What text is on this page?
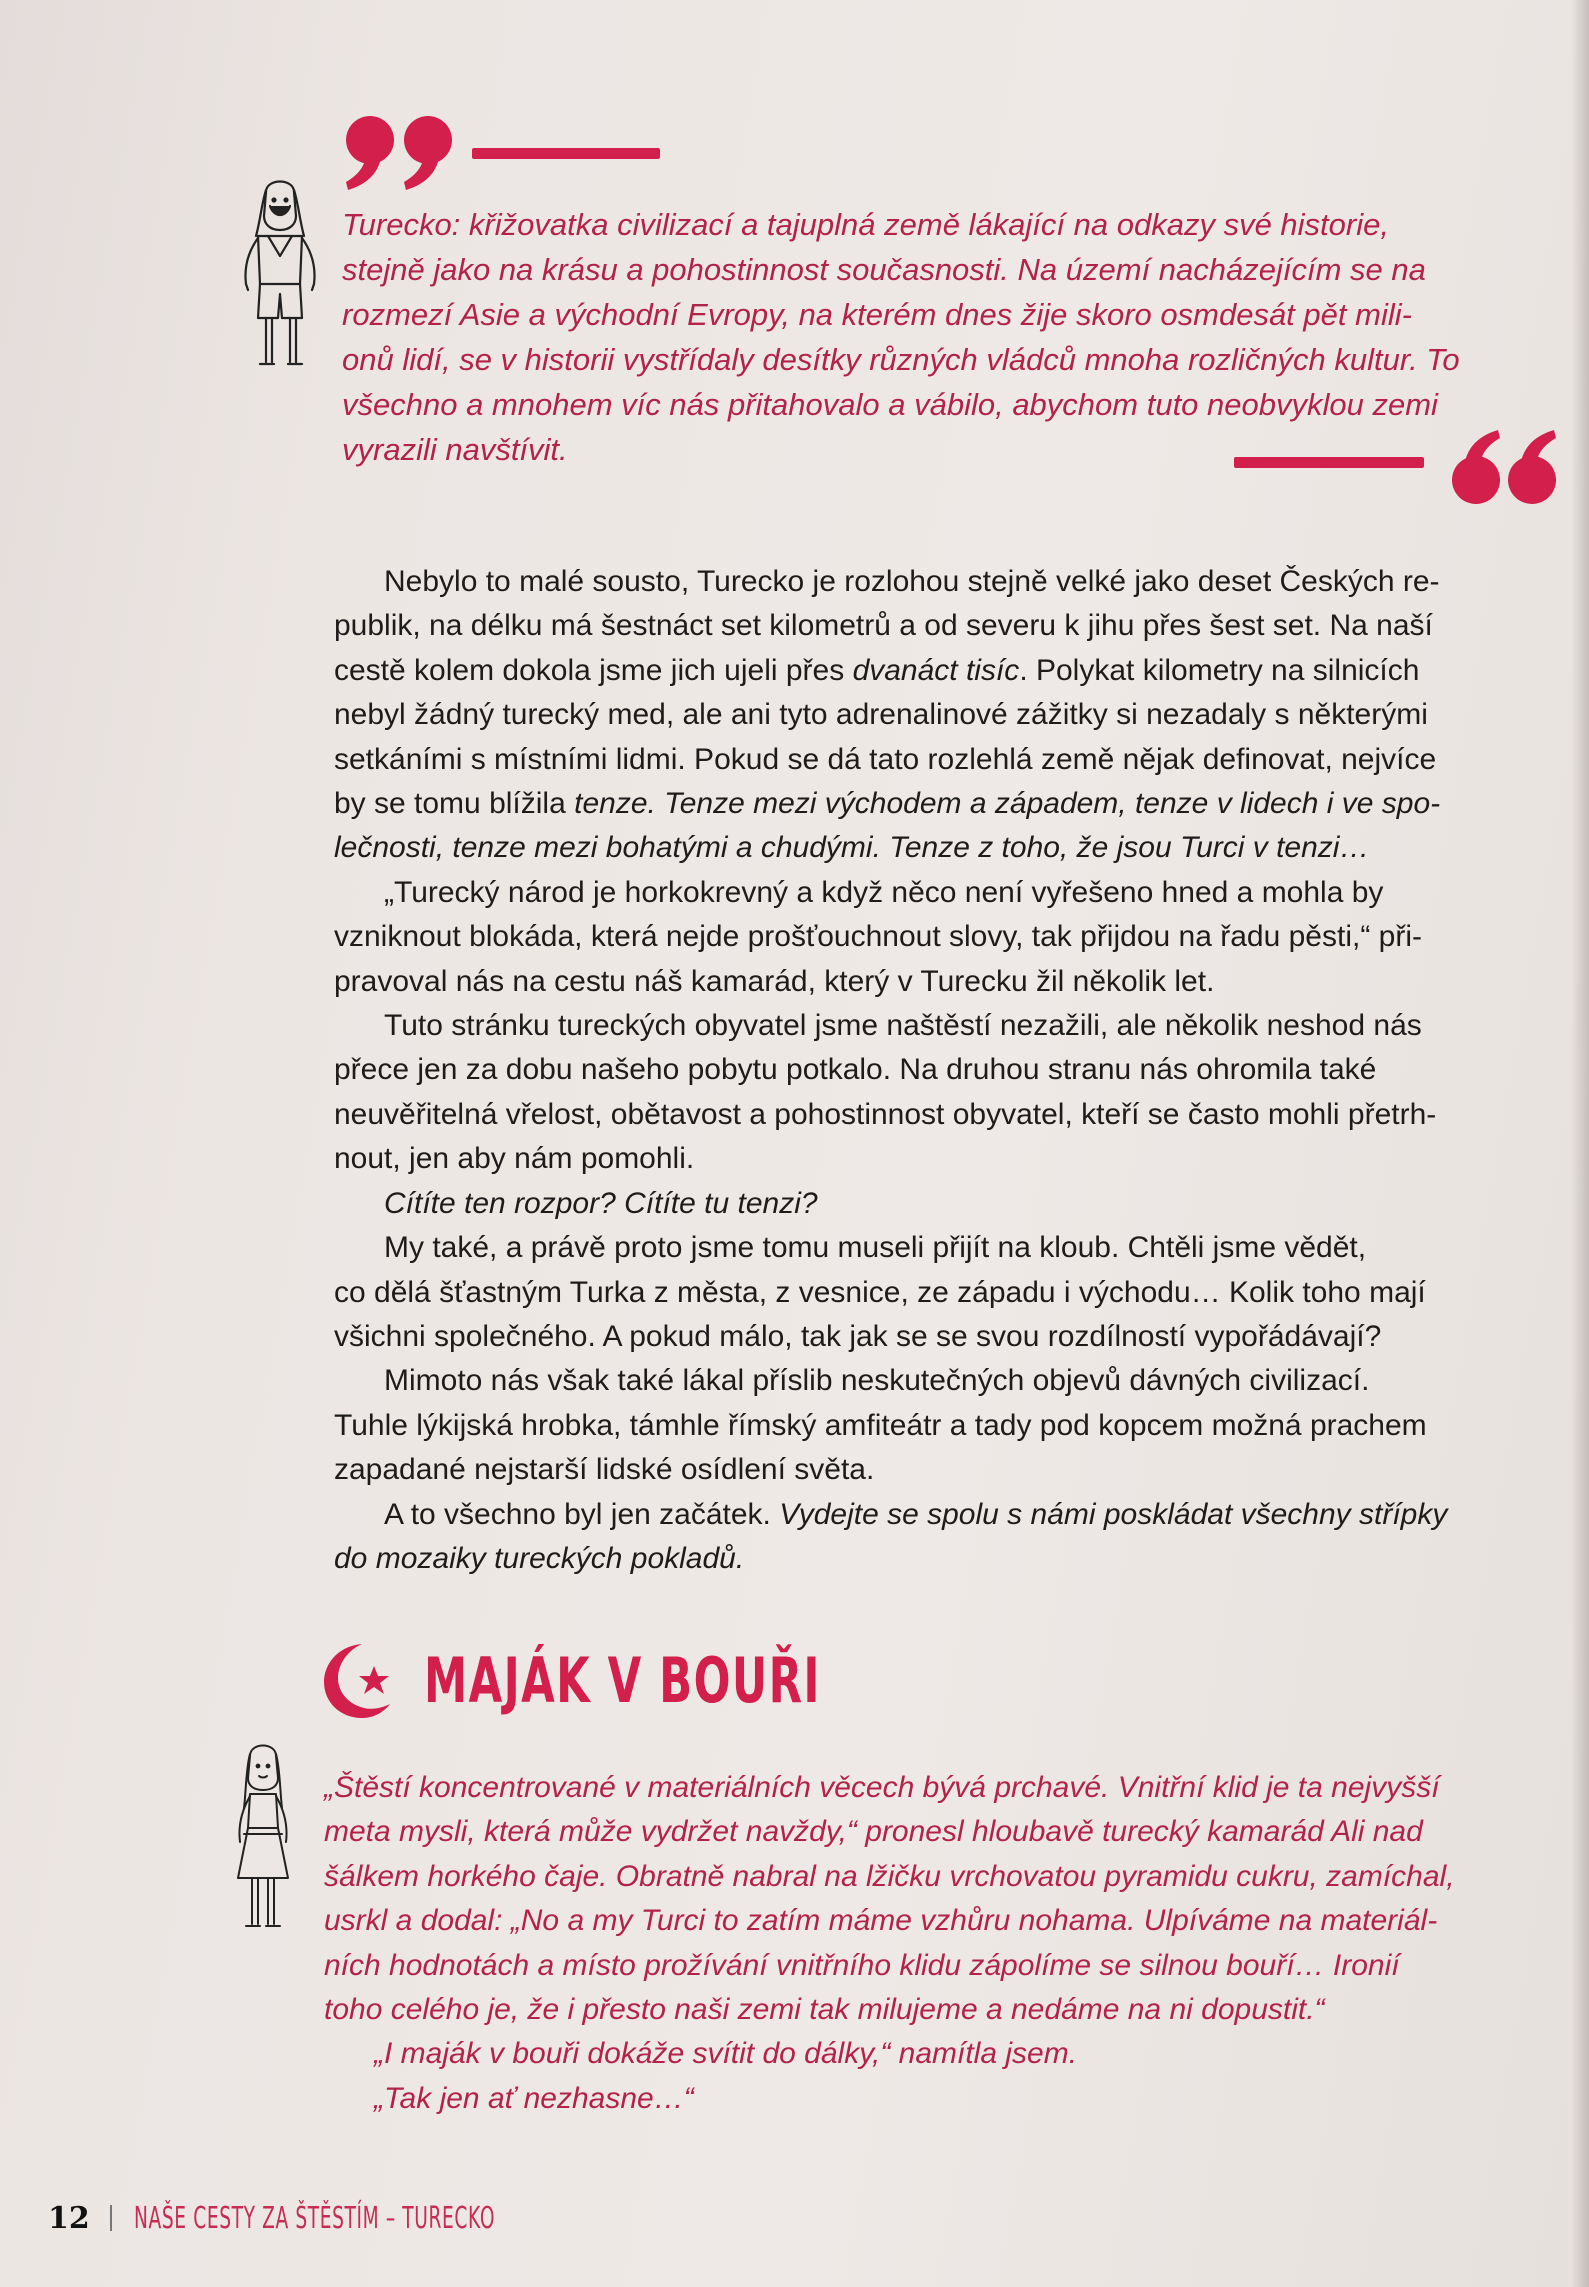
Turecko: křižovatka civilizací a tajuplná země lákající na odkazy své historie,
stejně jako na krásu a pohostinnost současnosti. Na území nacházejícím se na
rozmezí Asie a východní Evropy, na kterém dnes žije skoro osmdesát pět mili-
onů lidí, se v historii vystřídaly desítky různých vládců mnoha rozličných kultur. To
všechno a mnohem víc nás přitahovalo a vábilo, abychom tuto neobvyklou zemi
vyrazili navštívit.

Nebylo to malé sousto, Turecko je rozlohou stejně velké jako deset Českých re-
publik, na délku má šestnáct set kilometrů a od severu k jihu přes šest set. Na naší
cestě kolem dokola jsme jich ujeli přes dvanáct tisíc. Polykat kilometry na silnicích
nebyl žádný turecký med, ale ani tyto adrenalinové zážitky si nezadaly s některými
setkáními s místními lidmi. Pokud se dá tato rozlehlá země nějak definovat, nejvíce
by se tomu blížila tenze. Tenze mezi východem a západem, tenze v lidech i ve spo-
lečnosti, tenze mezi bohatými a chudými. Tenze z toho, že jsou Turci v tenzi…
„Turecký národ je horkokrevný a když něco není vyřešeno hned a mohla by
vzniknout blokáda, která nejde prošťouchnout slovy, tak přijdou na řadu pěsti,“ při-
pravoval nás na cestu náš kamarád, který v Turecku žil několik let.
Tuto stránku tureckých obyvatel jsme naštěstí nezažili, ale několik neshod nás
přece jen za dobu našeho pobytu potkalo. Na druhou stranu nás ohromila také
neuvěřitelná vřelost, obětavost a pohostinnost obyvatel, kteří se často mohli přetrh-
nout, jen aby nám pomohli.
Cítíte ten rozpor? Cítíte tu tenzi?
My také, a právě proto jsme tomu museli přijít na kloub. Chtěli jsme vědět,
co dělá šťastným Turka z města, z vesnice, ze západu i východu… Kolik toho mají
všichni společného. A pokud málo, tak jak se se svou rozdílností vypořádávají?
Mimoto nás však také lákal příslib neskutečných objevů dávných civilizací.
Tuhle lýkijská hrobka, támhle římský amfiteátr a tady pod kopcem možná prachem
zapadané nejstarší lidské osídlení světa.
A to všechno byl jen začátek. Vydejte se spolu s námi poskládat všechny střípky
do mozaiky tureckých pokladů.
MAJÁK V BOUŘI

„Štěstí koncentrované v materiálních věcech bývá prchavé. Vnitřní klid je ta nejvyšší
meta mysli, která může vydržet navždy,“ pronesl hloubavě turecký kamarád Ali nad
šálkem horkého čaje. Obratně nabral na lžičku vrchovatou pyramidu cukru, zamíchal,
usrkl a dodal: „No a my Turci to zatím máme vzhůru nohama. Ulpíváme na materiál-
ních hodnotách a místo prožívání vnitřního klidu zápolíme se silnou bouří… Ironií
toho celého je, že i přesto naši zemi tak milujeme a nedáme na ni dopustit.“
„I maják v bouři dokáže svítit do dálky,“ namítla jsem.
„Tak jen ať nezhasne…“

12 NAŠE CESTY ZA ŠTĚSTÍM – TURECKO
